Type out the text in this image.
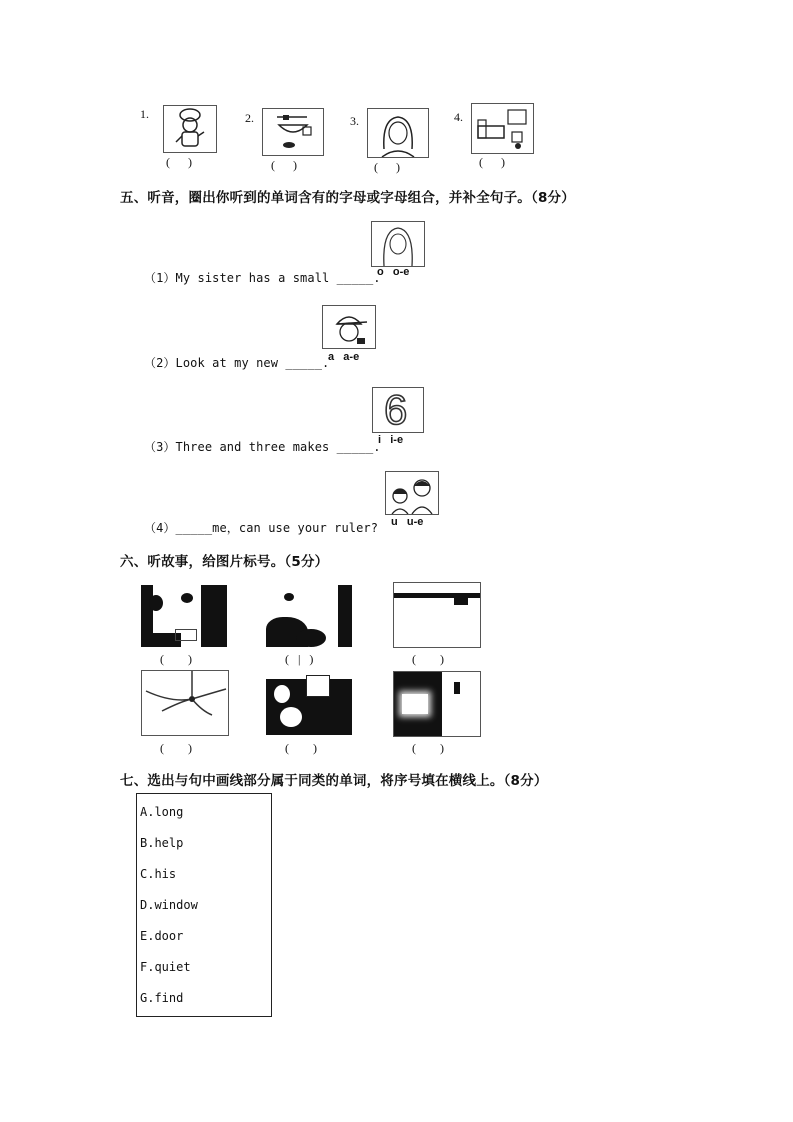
1.
(      )
2.
(      )
3.
(      )
4.
(      )
五、听音，圈出你听到的单词含有的字母或字母组合，并补全句子。（8分）
o   o-e
（1）My sister has a small _____.
a   a-e
（2）Look at my new _____.
6
i   i-e
（3）Three and three makes _____.
u   u-e
（4）_____me，can use your ruler?
六、听故事，给图片标号。（5分）
(        )	(   |   )	(        )
(        )	(        )	(        )
七、选出与句中画线部分属于同类的单词，将序号填在横线上。（8分）
A.long
B.help
C.his
D.window
E.door
F.quiet
G.find
